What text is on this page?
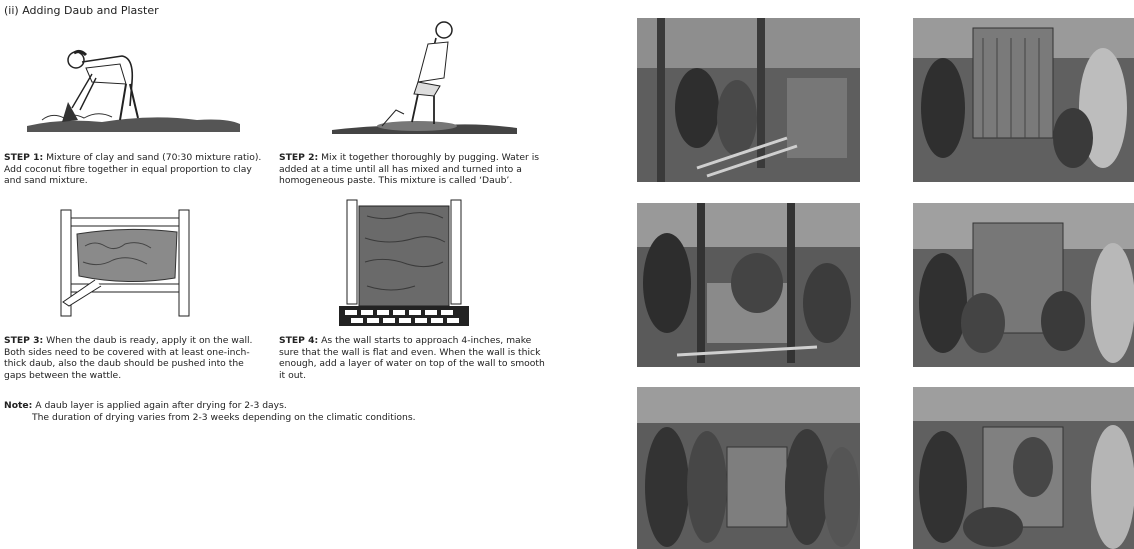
(ii) Adding Daub and Plaster
STEP 1: Mixture of clay and sand (70:30 mixture ratio). Add coconut fibre together in equal proportion to clay and sand mixture.
STEP 2: Mix it together thoroughly by pugging. Water is added at a time until all has mixed and turned into a homogeneous paste. This mixture is called ‘Daub’.
STEP 3: When the daub is ready, apply it on the wall. Both sides need to be covered with at least one-inch-thick daub, also the daub should be pushed into the gaps between the wattle.
STEP 4: As the wall starts to approach 4-inches, make sure that the wall is flat and even. When the wall is thick enough, add a layer of water on top of the wall to smooth it out.
Note: A daub layer is applied again after drying for 2-3 days.
The duration of drying varies from 2-3 weeks depending on the climatic conditions.
